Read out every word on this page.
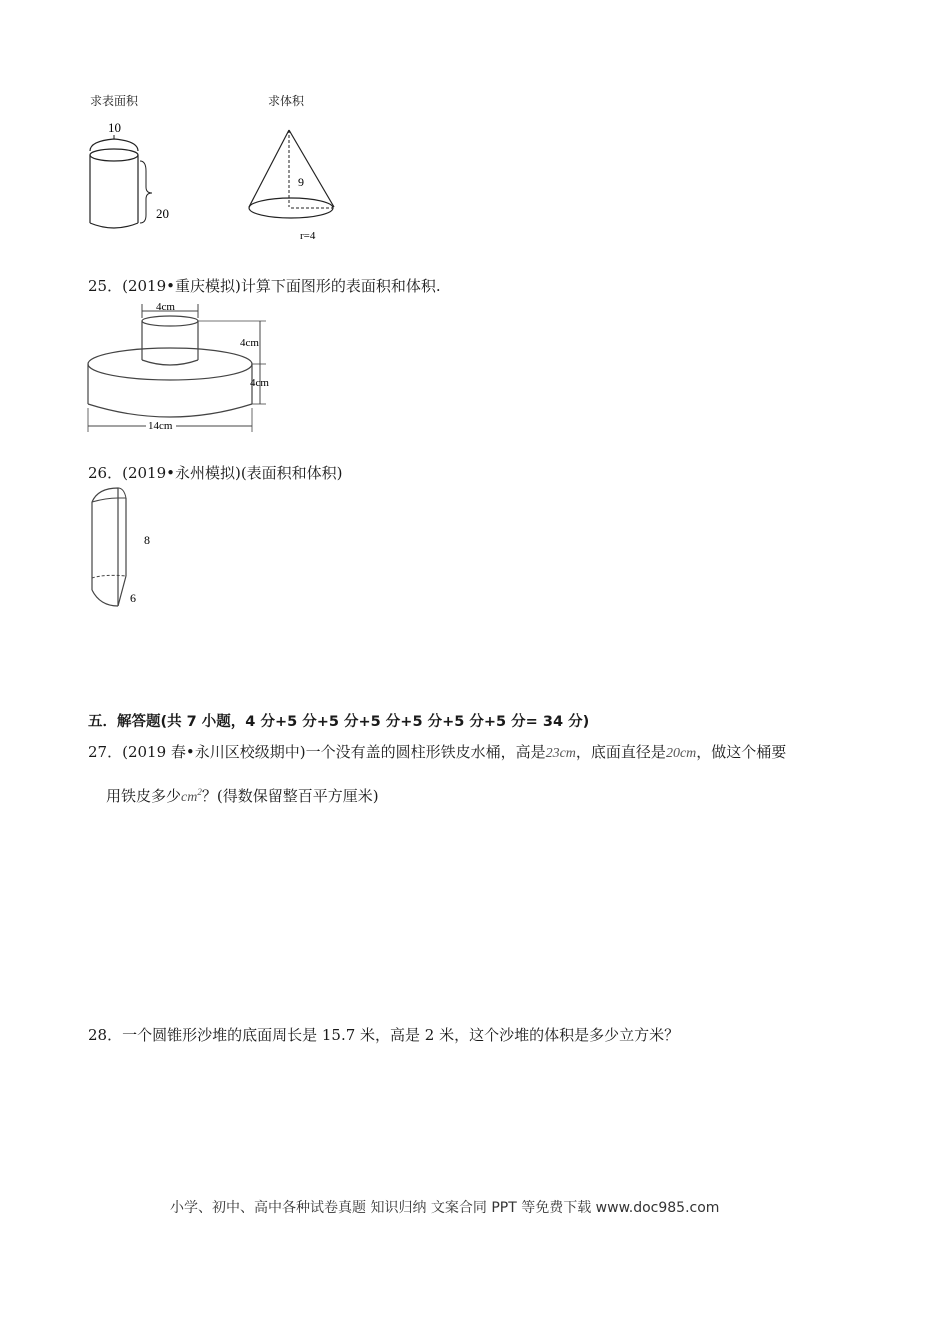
求表面积	求体积
10
20
9
r=4
25．(2019•重庆模拟)计算下面图形的表面积和体积.
4cm
4cm
4cm
14cm
26．(2019•永州模拟)(表面积和体积)
8
6
五．解答题(共 7 小题，4 分+5 分+5 分+5 分+5 分+5 分+5 分= 34 分)
27．(2019 春•永川区校级期中)一个没有盖的圆柱形铁皮水桶，高是23cm，底面直径是20cm，做这个桶要
用铁皮多少$cm^2$？(得数保留整百平方厘米)
28．一个圆锥形沙堆的底面周长是 15.7 米，高是 2 米，这个沙堆的体积是多少立方米？
小学、初中、高中各种试卷真题 知识归纳 文案合同 PPT 等免费下载 www.doc985.com
